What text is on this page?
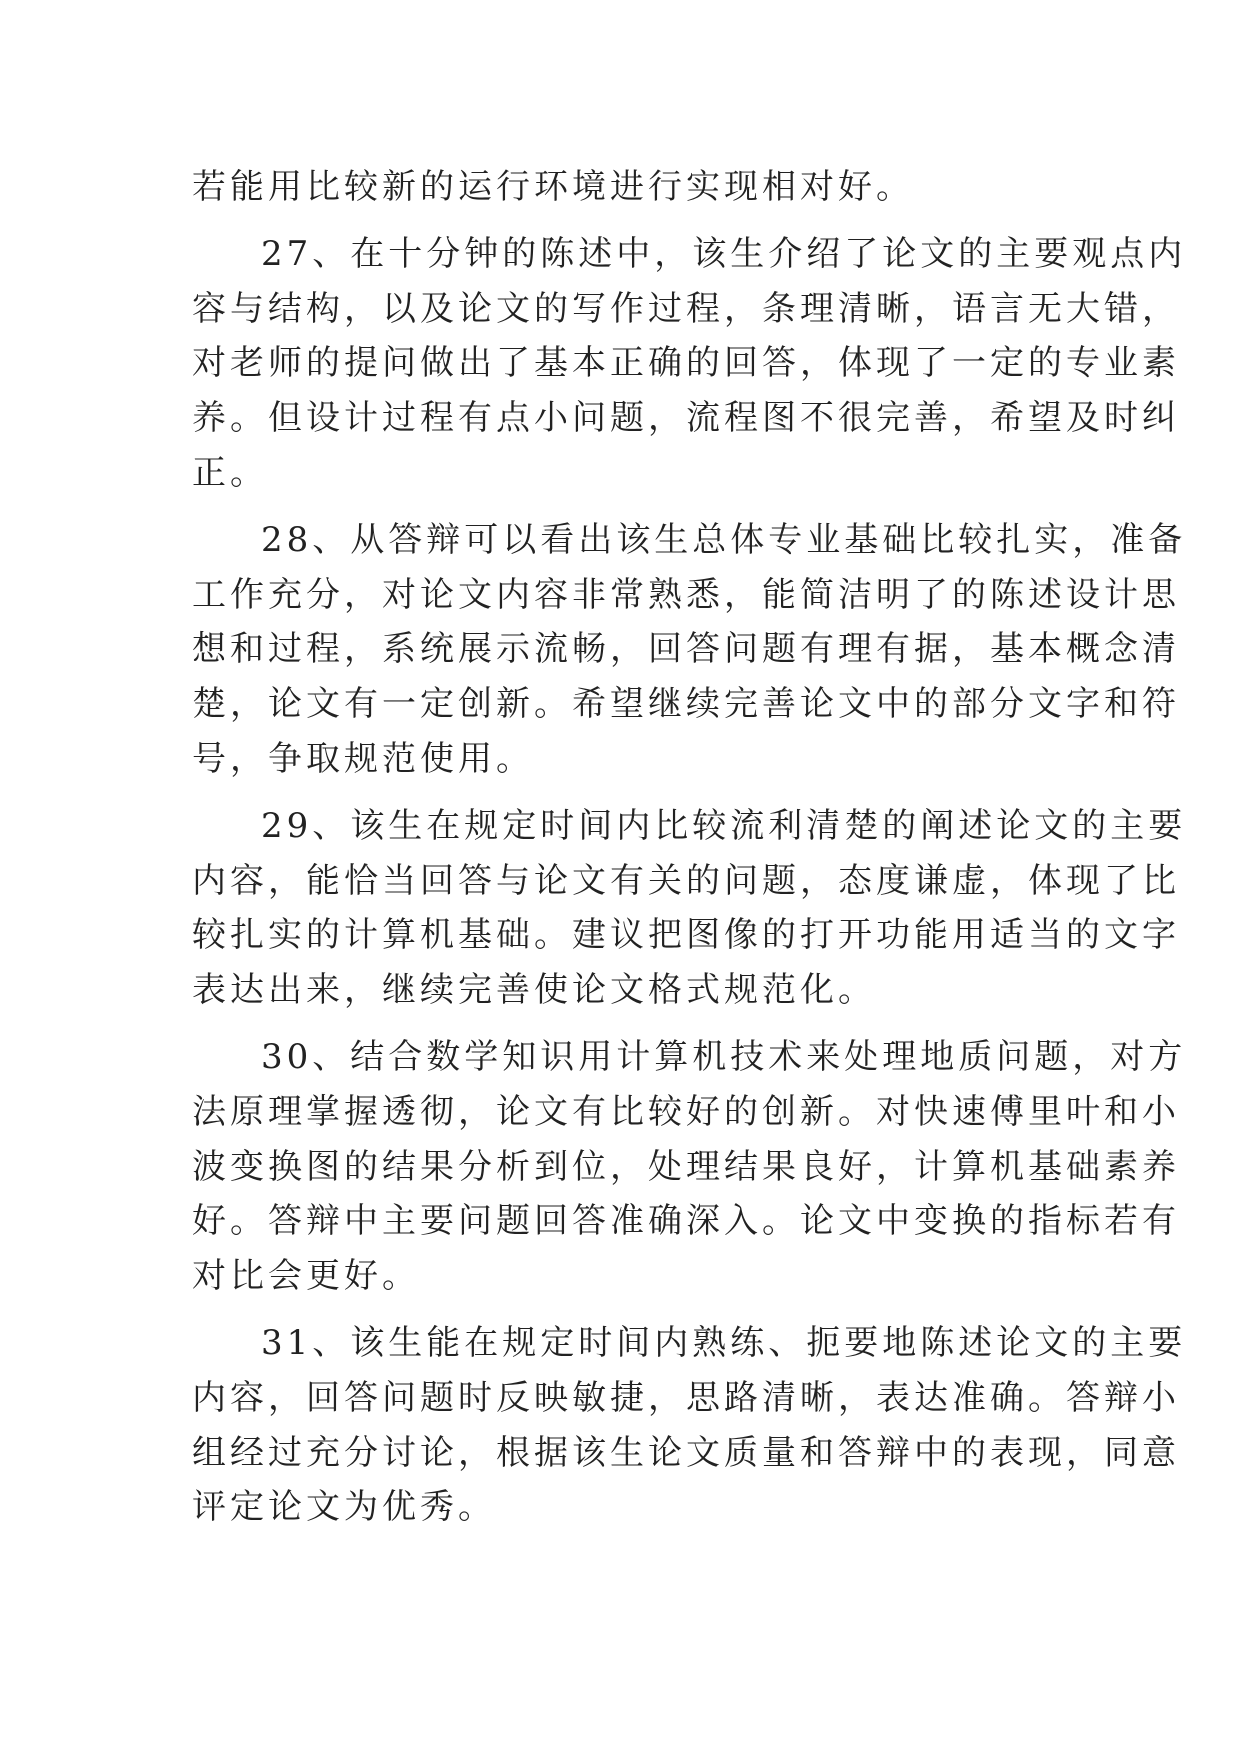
若能用比较新的运行环境进行实现相对好。
27、在十分钟的陈述中，该生介绍了论文的主要观点内
容与结构，以及论文的写作过程，条理清晰，语言无大错，
对老师的提问做出了基本正确的回答，体现了一定的专业素
养。但设计过程有点小问题，流程图不很完善，希望及时纠
正。
28、从答辩可以看出该生总体专业基础比较扎实，准备
工作充分，对论文内容非常熟悉，能简洁明了的陈述设计思
想和过程，系统展示流畅，回答问题有理有据，基本概念清
楚，论文有一定创新。希望继续完善论文中的部分文字和符
号，争取规范使用。
29、该生在规定时间内比较流利清楚的阐述论文的主要
内容，能恰当回答与论文有关的问题，态度谦虚，体现了比
较扎实的计算机基础。建议把图像的打开功能用适当的文字
表达出来，继续完善使论文格式规范化。
30、结合数学知识用计算机技术来处理地质问题，对方
法原理掌握透彻，论文有比较好的创新。对快速傅里叶和小
波变换图的结果分析到位，处理结果良好，计算机基础素养
好。答辩中主要问题回答准确深入。论文中变换的指标若有
对比会更好。
31、该生能在规定时间内熟练、扼要地陈述论文的主要
内容，回答问题时反映敏捷，思路清晰，表达准确。答辩小
组经过充分讨论，根据该生论文质量和答辩中的表现，同意
评定论文为优秀。
